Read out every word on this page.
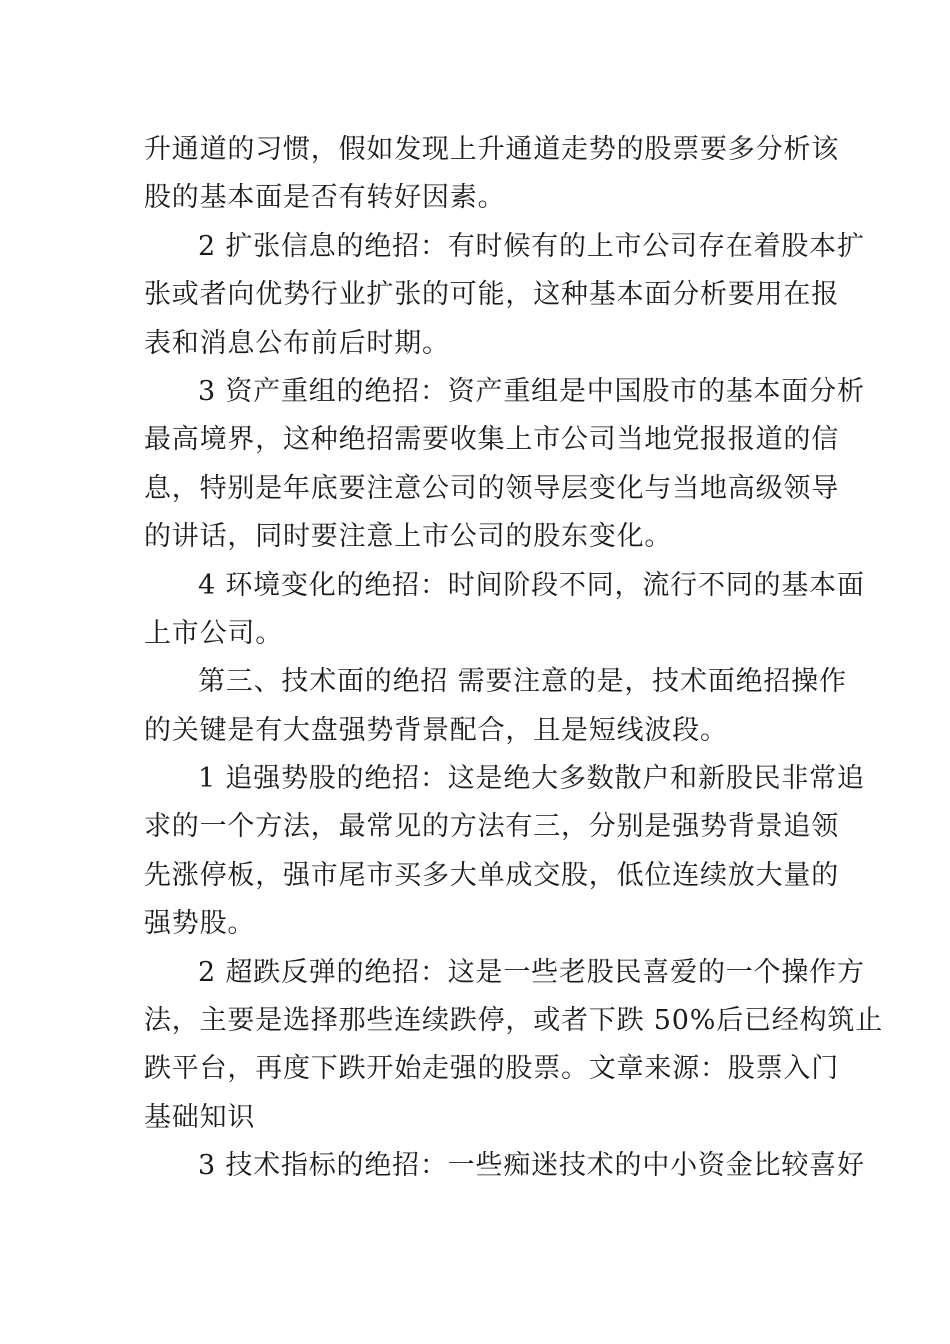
升通道的习惯，假如发现上升通道走势的股票要多分析该
股的基本面是否有转好因素。
2 扩张信息的绝招：有时候有的上市公司存在着股本扩
张或者向优势行业扩张的可能，这种基本面分析要用在报
表和消息公布前后时期。
3 资产重组的绝招：资产重组是中国股市的基本面分析
最高境界，这种绝招需要收集上市公司当地党报报道的信
息，特别是年底要注意公司的领导层变化与当地高级领导
的讲话，同时要注意上市公司的股东变化。
4 环境变化的绝招：时间阶段不同，流行不同的基本面
上市公司。
第三、技术面的绝招 需要注意的是，技术面绝招操作
的关键是有大盘强势背景配合，且是短线波段。
1 追强势股的绝招：这是绝大多数散户和新股民非常追
求的一个方法，最常见的方法有三，分别是强势背景追领
先涨停板，强市尾市买多大单成交股，低位连续放大量的
强势股。
2 超跌反弹的绝招：这是一些老股民喜爱的一个操作方
法，主要是选择那些连续跌停，或者下跌 50%后已经构筑止
跌平台，再度下跌开始走强的股票。文章来源：股票入门
基础知识
3 技术指标的绝招：一些痴迷技术的中小资金比较喜好
